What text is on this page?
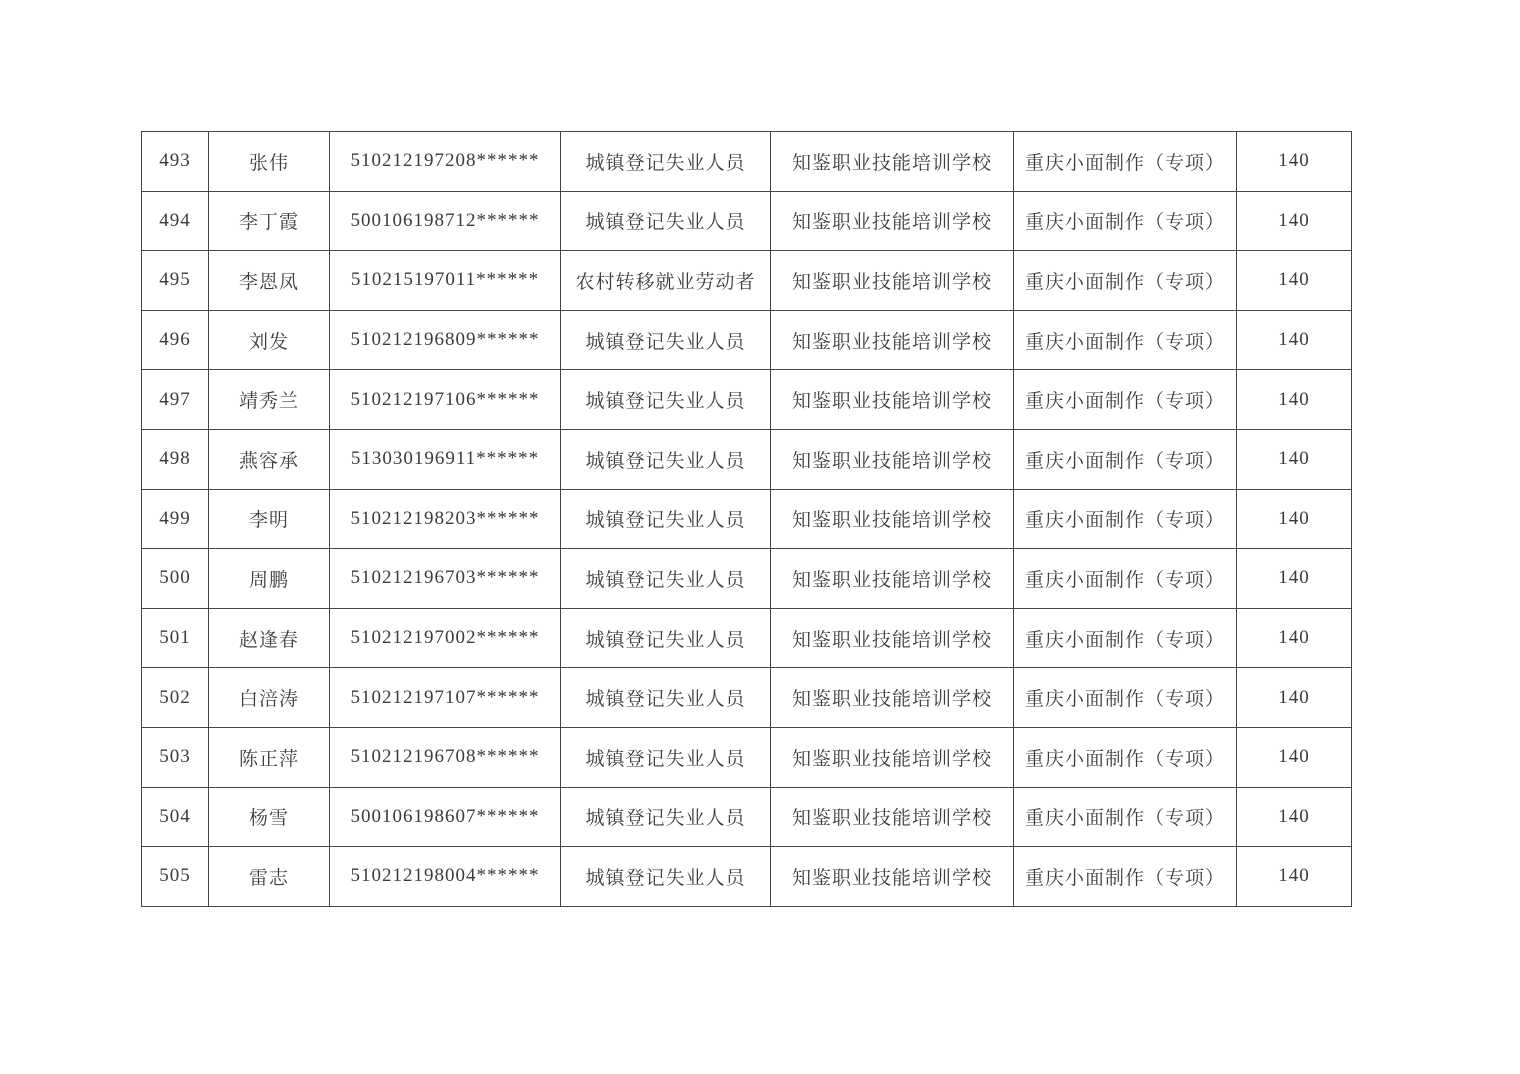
493	张伟	510212197208******	城镇登记失业人员	知鉴职业技能培训学校	重庆小面制作（专项）	140
494	李丁霞	500106198712******	城镇登记失业人员	知鉴职业技能培训学校	重庆小面制作（专项）	140
495	李恩凤	510215197011******	农村转移就业劳动者	知鉴职业技能培训学校	重庆小面制作（专项）	140
496	刘发	510212196809******	城镇登记失业人员	知鉴职业技能培训学校	重庆小面制作（专项）	140
497	靖秀兰	510212197106******	城镇登记失业人员	知鉴职业技能培训学校	重庆小面制作（专项）	140
498	燕容承	513030196911******	城镇登记失业人员	知鉴职业技能培训学校	重庆小面制作（专项）	140
499	李明	510212198203******	城镇登记失业人员	知鉴职业技能培训学校	重庆小面制作（专项）	140
500	周鹏	510212196703******	城镇登记失业人员	知鉴职业技能培训学校	重庆小面制作（专项）	140
501	赵逢春	510212197002******	城镇登记失业人员	知鉴职业技能培训学校	重庆小面制作（专项）	140
502	白涪涛	510212197107******	城镇登记失业人员	知鉴职业技能培训学校	重庆小面制作（专项）	140
503	陈正萍	510212196708******	城镇登记失业人员	知鉴职业技能培训学校	重庆小面制作（专项）	140
504	杨雪	500106198607******	城镇登记失业人员	知鉴职业技能培训学校	重庆小面制作（专项）	140
505	雷志	510212198004******	城镇登记失业人员	知鉴职业技能培训学校	重庆小面制作（专项）	140
